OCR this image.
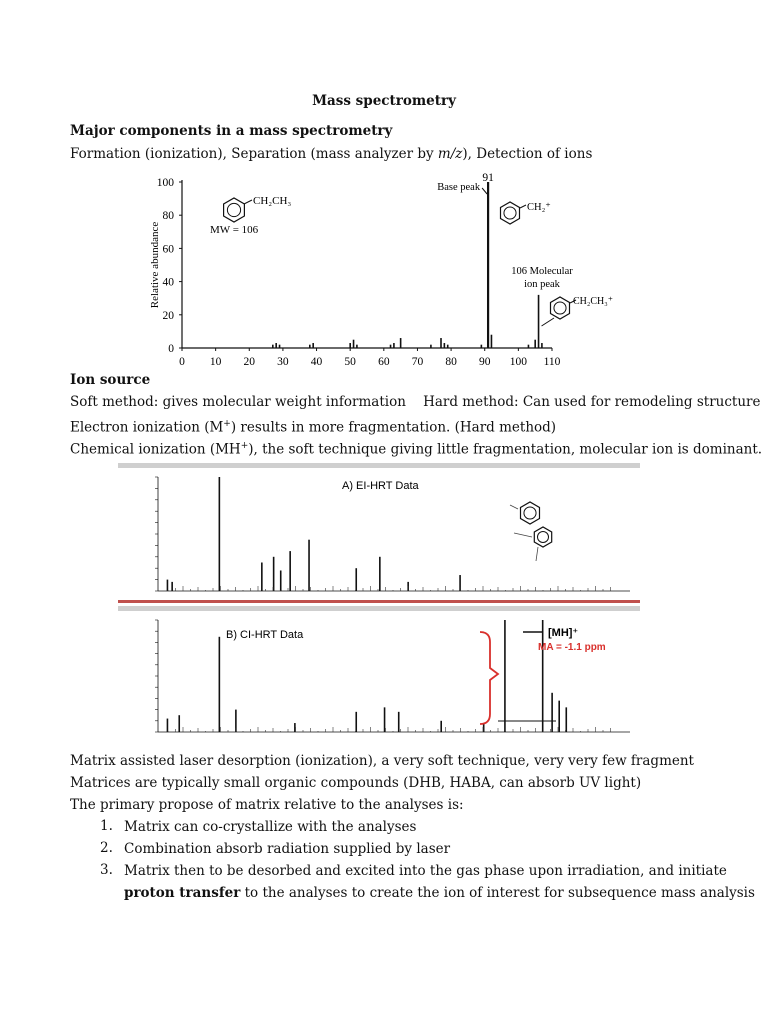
Mass spectrometry
Major components in a mass spectrometry
Formation (ionization), Separation (mass analyzer by m/z), Detection of ions
0 10 20 30 40 50 60 70 80 90 100 110
0
20
40
60
80
100
Relative abundance
CH₂CH₃
MW = 106
91
Base peak
CH₂⁺
106 Molecular
ion peak
CH₂CH₃⁺
Ion source
Soft method: gives molecular weight information    Hard method: Can used for remodeling structure
Electron ionization (M+) results in more fragmentation. (Hard method)
Chemical ionization (MH+), the soft technique giving little fragmentation, molecular ion is dominant.
A) EI-HRT Data
B) CI-HRT Data	[MH]⁺
MA = -1.1 ppm
Matrix assisted laser desorption (ionization), a very soft technique, very very few fragment
Matrices are typically small organic compounds (DHB, HABA, can absorb UV light)
The primary propose of matrix relative to the analyses is:
1. Matrix can co-crystallize with the analyses
2. Combination absorb radiation supplied by laser
3. Matrix then to be desorbed and excited into the gas phase upon irradiation, and initiate
proton transfer to the analyses to create the ion of interest for subsequence mass analysis
